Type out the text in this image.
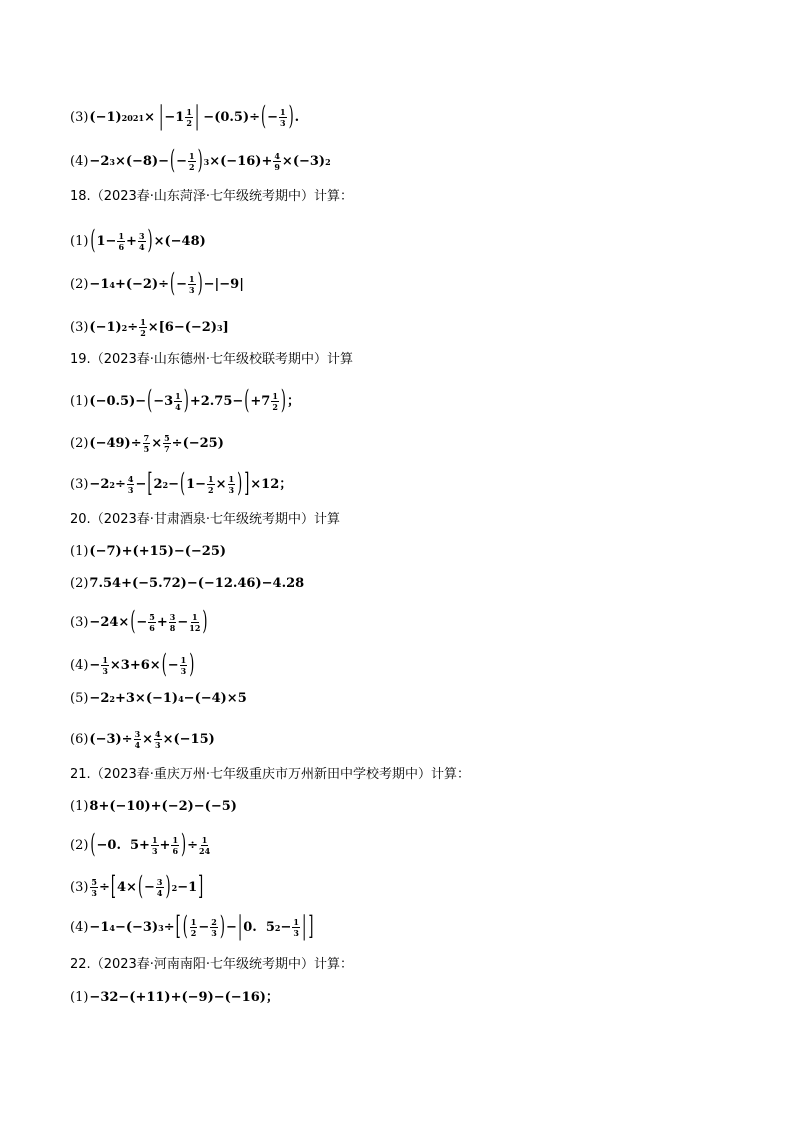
(3) (−1) 2021 × | −1 1
2 | −(0.5)÷ ( − $\frac{1}{3}$ ) .
(4) −2 3 ×(−8)− ( − $\frac{1}{2}$ ) $3 \times(-16)+ \frac{4}{9} \times(-3)$ 2
18. （2023春·山东菏泽·七年级统考期中）计算：
(1) ( $1- \frac{1}{6} + \frac{3}{4}$ ) ×(−48)
(2) −1 4 +(−2)÷ ( − $\frac{1}{3}$ ) −|−9|
(3) (−1) $2 \div \frac{1}{2} \times[6-(-2)$ 3 ]
19. （2023春·山东德州·七年级校联考期中）计算
(1) (−0.5)− ( −3 1
4 ) +2.75− ( +7 1
2 ) ；
(2) $(-49)\div \frac{7}{5} \times \frac{5}{7} \div(-25)$
(3) −2 $2 \div \frac{4}{3}$ − [ 2 2 − ( $1- \frac{1}{2} \times \frac{1}{3}$ ) ] ×12；
20. （2023春·甘肃酒泉·七年级统考期中）计算
(1) (−7)+(+15)−(−25)
(2) 7.54+(−5.72)−(−12.46)−4.28
(3) −24× ( − $\frac{5}{6} + \frac{3}{8} - \frac{1}{12}$ )
$(4) - \frac{1}{3} \times 3+6\times$ ( − $\frac{1}{3}$ )
(5) −2 2 +3×(−1) 4 −(−4)×5
(6) $(-3)\div \frac{3}{4} \times \frac{4}{3} \times(-15)$
21. （2023春·重庆万州·七年级重庆市万州新田中学校考期中）计算：
(1) 8+(−10)+(−2)−(−5)
(2) ( −0.  $5+ \frac{1}{3} + \frac{1}{6}$ ) ÷ $\frac{1}{24}$
$(3) \frac{5}{3}$ ÷ [ 4× ( − $\frac{3}{4}$ ) 2 −1 ]
(4) −1 4 −(−3) 3 ÷ [ ( 1
$2 - \frac{2}{3}$ ) − | 0.  5 $2 - \frac{1}{3}$ | ]
22. （2023春·河南南阳·七年级统考期中）计算：
(1) −32−(+11)+(−9)−(−16)；
